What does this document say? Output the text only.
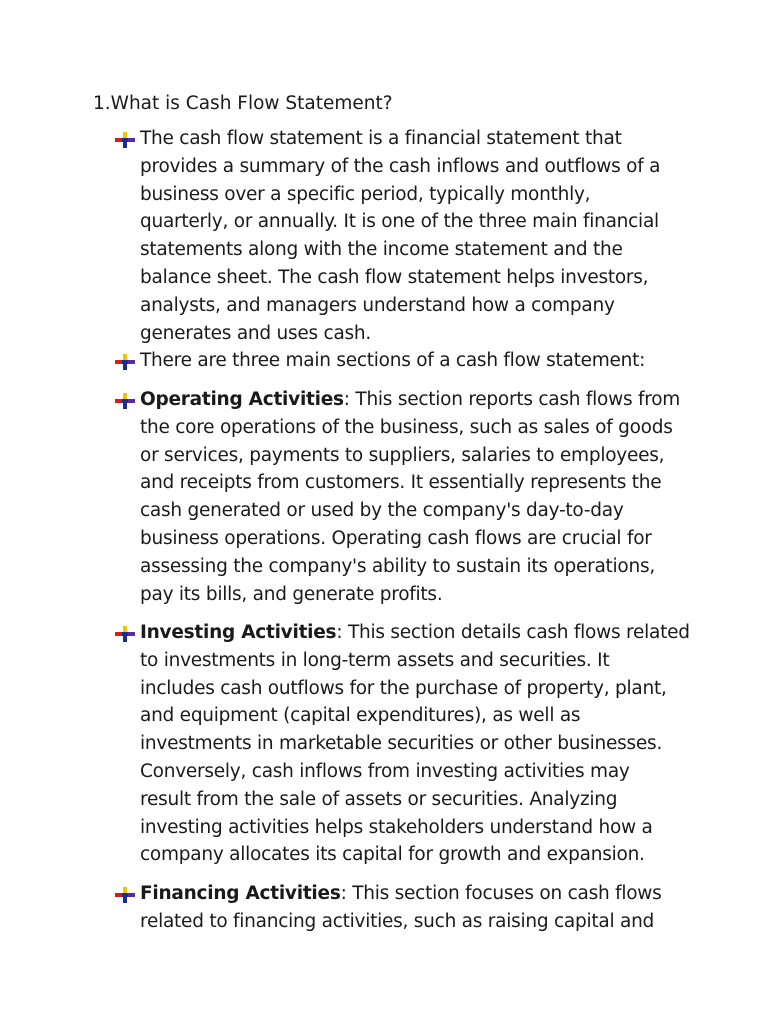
1.What is Cash Flow Statement?
The cash flow statement is a financial statement that
provides a summary of the cash inflows and outflows of a
business over a specific period, typically monthly,
quarterly, or annually. It is one of the three main financial
statements along with the income statement and the
balance sheet. The cash flow statement helps investors,
analysts, and managers understand how a company
generates and uses cash.
There are three main sections of a cash flow statement:
Operating Activities: This section reports cash flows from
the core operations of the business, such as sales of goods
or services, payments to suppliers, salaries to employees,
and receipts from customers. It essentially represents the
cash generated or used by the company's day-to-day
business operations. Operating cash flows are crucial for
assessing the company's ability to sustain its operations,
pay its bills, and generate profits.
Investing Activities: This section details cash flows related
to investments in long-term assets and securities. It
includes cash outflows for the purchase of property, plant,
and equipment (capital expenditures), as well as
investments in marketable securities or other businesses.
Conversely, cash inflows from investing activities may
result from the sale of assets or securities. Analyzing
investing activities helps stakeholders understand how a
company allocates its capital for growth and expansion.
Financing Activities: This section focuses on cash flows
related to financing activities, such as raising capital and
